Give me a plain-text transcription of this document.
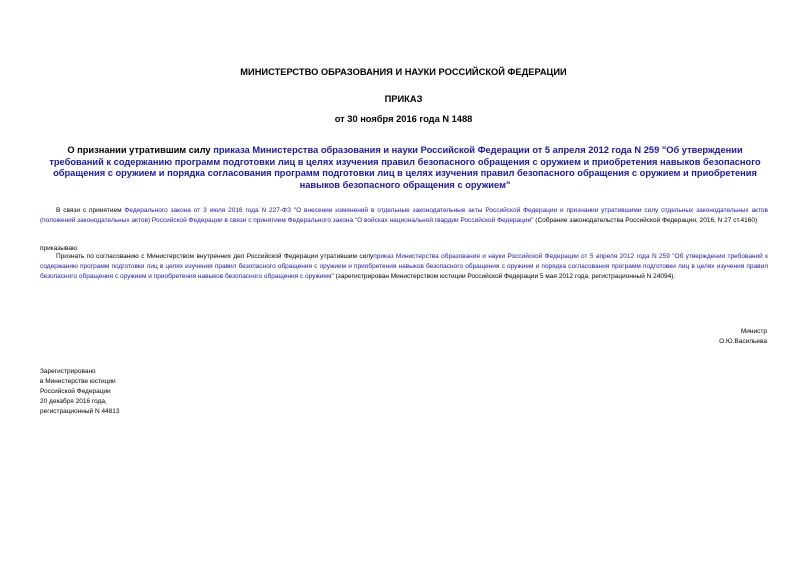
МИНИСТЕРСТВО ОБРАЗОВАНИЯ И НАУКИ РОССИЙСКОЙ ФЕДЕРАЦИИ
ПРИКАЗ
от 30 ноября 2016 года N 1488
О признании утратившим силу приказа Министерства образования и науки Российской Федерации от 5 апреля 2012 года N 259 "Об утверждении требований к содержанию программ подготовки лиц в целях изучения правил безопасного обращения с оружием и приобретения навыков безопасного обращения с оружием и порядка согласования программ подготовки лиц в целях изучения правил безопасного обращения с оружием и приобретения навыков безопасного обращения с оружием"
В связи с принятием Федерального закона от 3 июля 2016 года N 227-ФЗ "О внесении изменений в отдельные законодательные акты Российской Федерации и признании утратившими силу отдельных законодательных актов (положений законодательных актов) Российской Федерации в связи с принятием Федерального закона "О войсках национальной гвардии Российской Федерации" (Собрание законодательства Российской Федерации, 2016, N 27 ст.4160)
приказываю:
Признать по согласованию с Министерством внутренних дел Российской Федерации утратившим силуприказ Министерства образования и науки Российской Федерации от 5 апреля 2012 года N 259 "Об утверждении требований к содержанию программ подготовки лиц в целях изучения правил безопасного обращения с оружием и приобретения навыков безопасного обращения с оружием и порядка согласования программ подготовки лиц в целях изучения правил безопасного обращения с оружием и приобретения навыков безопасного обращения с оружием" (зарегистрирован Министерством юстиции Российской Федерации 5 мая 2012 года, регистрационный N 24094).
Министр
О.Ю.Васильева
Зарегистрировано
в Министерстве юстиции
Российской Федерации
20 декабря 2016 года,
регистрационный N 44813
